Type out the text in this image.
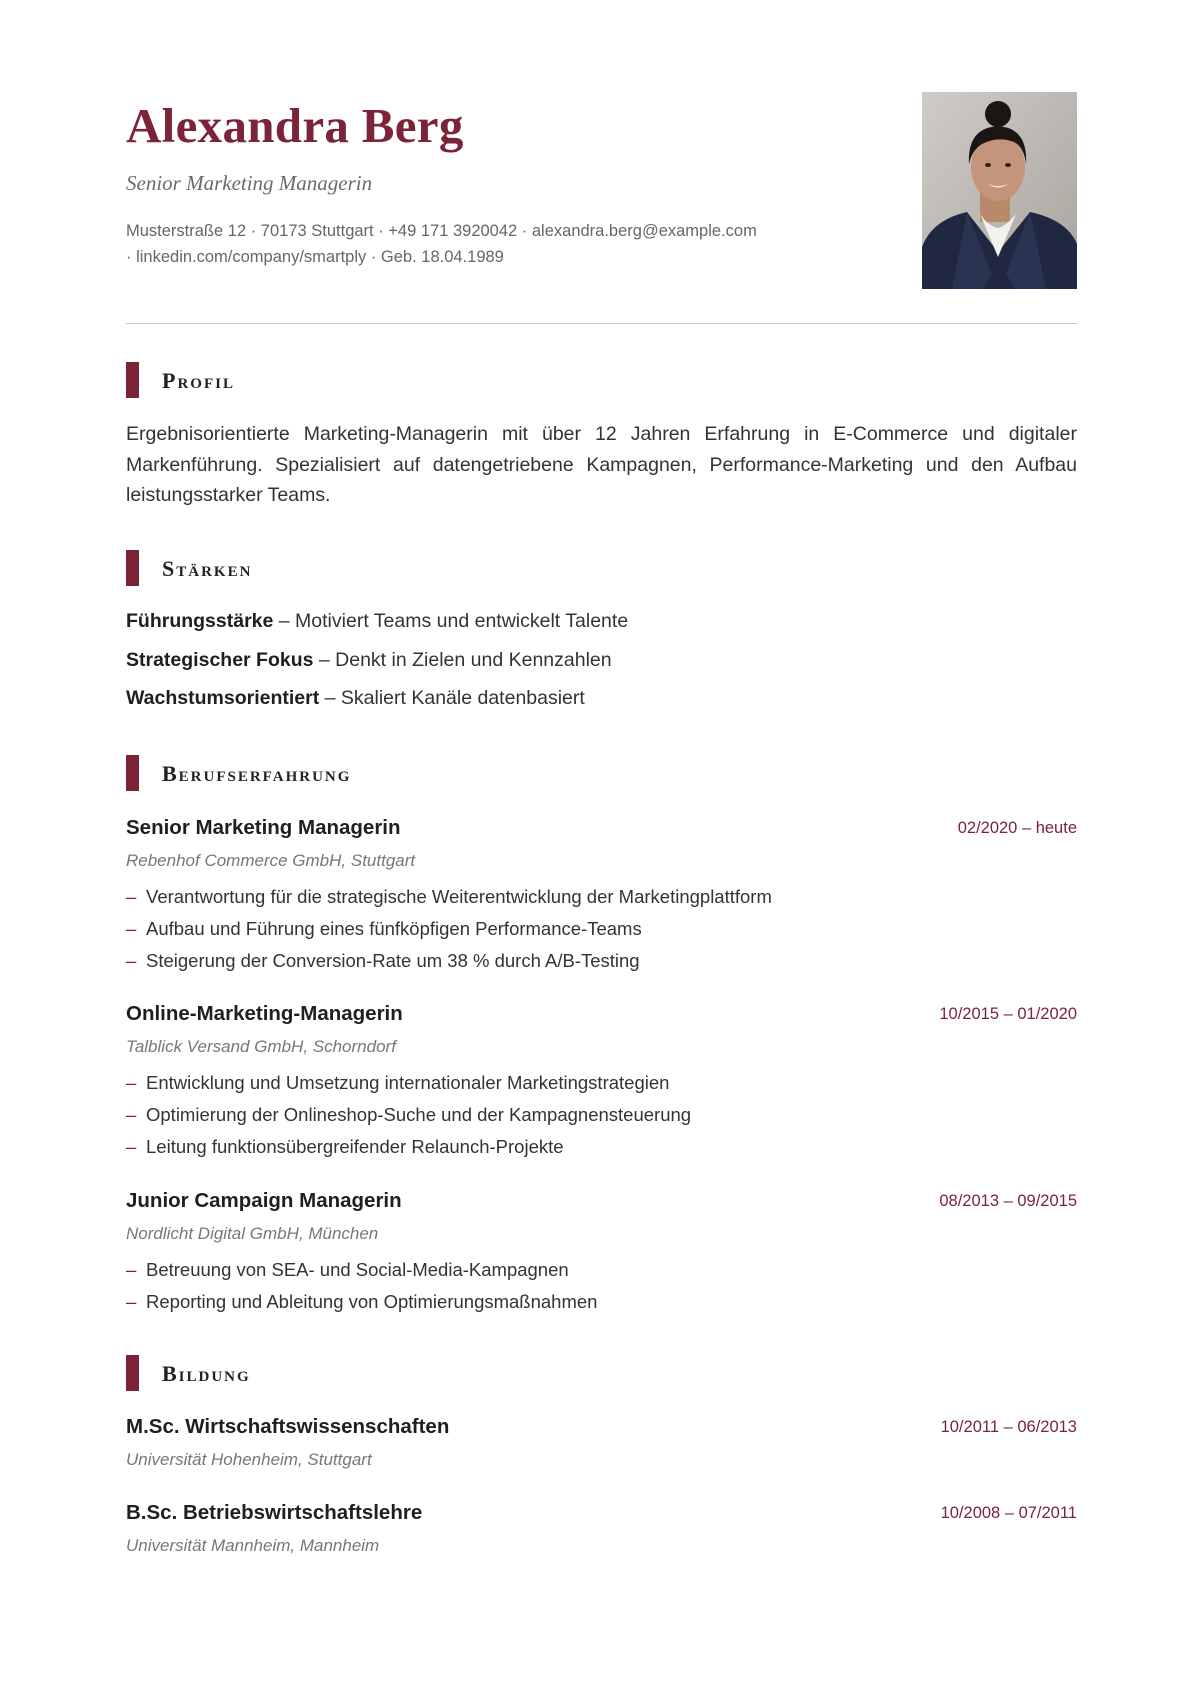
Alexandra Berg
Senior Marketing Managerin
Musterstraße 12 · 70173 Stuttgart · +49 171 3920042 · alexandra.berg@example.com
· linkedin.com/company/smartply · Geb. 18.04.1989
Profil
Ergebnisorientierte Marketing-Managerin mit über 12 Jahren Erfahrung in E-Commerce und digitaler Markenführung. Spezialisiert auf datengetriebene Kampagnen, Performance-Marketing und den Aufbau leistungsstarker Teams.
Stärken
Führungsstärke – Motiviert Teams und entwickelt Talente
Strategischer Fokus – Denkt in Zielen und Kennzahlen
Wachstumsorientiert – Skaliert Kanäle datenbasiert
Berufserfahrung
Senior Marketing Managerin	02/2020 – heute
Rebenhof Commerce GmbH, Stuttgart
– Verantwortung für die strategische Weiterentwicklung der Marketingplattform
– Aufbau und Führung eines fünfköpfigen Performance-Teams
– Steigerung der Conversion-Rate um 38 % durch A/B-Testing
Online-Marketing-Managerin	10/2015 – 01/2020
Talblick Versand GmbH, Schorndorf
– Entwicklung und Umsetzung internationaler Marketingstrategien
– Optimierung der Onlineshop-Suche und der Kampagnensteuerung
– Leitung funktionsübergreifender Relaunch-Projekte
Junior Campaign Managerin	08/2013 – 09/2015
Nordlicht Digital GmbH, München
– Betreuung von SEA- und Social-Media-Kampagnen
– Reporting und Ableitung von Optimierungsmaßnahmen
Bildung
M.Sc. Wirtschaftswissenschaften	10/2011 – 06/2013
Universität Hohenheim, Stuttgart
B.Sc. Betriebswirtschaftslehre	10/2008 – 07/2011
Universität Mannheim, Mannheim
